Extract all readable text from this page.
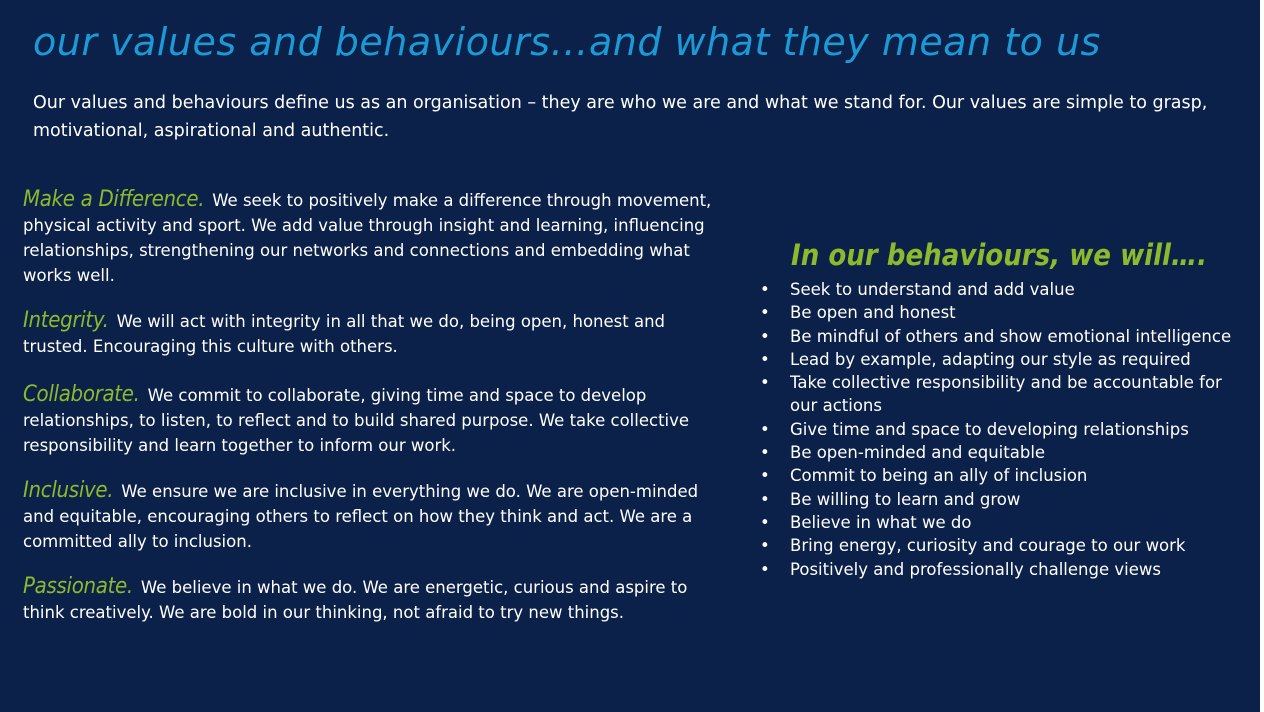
our values and behaviours…and what they mean to us
Our values and behaviours define us as an organisation – they are who we are and what we stand for. Our values are simple to grasp, motivational, aspirational and authentic.

Make a Difference. We seek to positively make a difference through movement, physical activity and sport. We add value through insight and learning, influencing relationships, strengthening our networks and connections and embedding what works well.

Integrity. We will act with integrity in all that we do, being open, honest and trusted. Encouraging this culture with others.

Collaborate. We commit to collaborate, giving time and space to develop relationships, to listen, to reflect and to build shared purpose. We take collective responsibility and learn together to inform our work.

Inclusive. We ensure we are inclusive in everything we do. We are open-minded and equitable, encouraging others to reflect on how they think and act. We are a committed ally to inclusion.

Passionate. We believe in what we do. We are energetic, curious and aspire to think creatively. We are bold in our thinking, not afraid to try new things.

In our behaviours, we will….
• Seek to understand and add value
• Be open and honest
• Be mindful of others and show emotional intelligence
• Lead by example, adapting our style as required
• Take collective responsibility and be accountable for our actions
• Give time and space to developing relationships
• Be open-minded and equitable
• Commit to being an ally of inclusion
• Be willing to learn and grow
• Believe in what we do
• Bring energy, curiosity and courage to our work
• Positively and professionally challenge views
